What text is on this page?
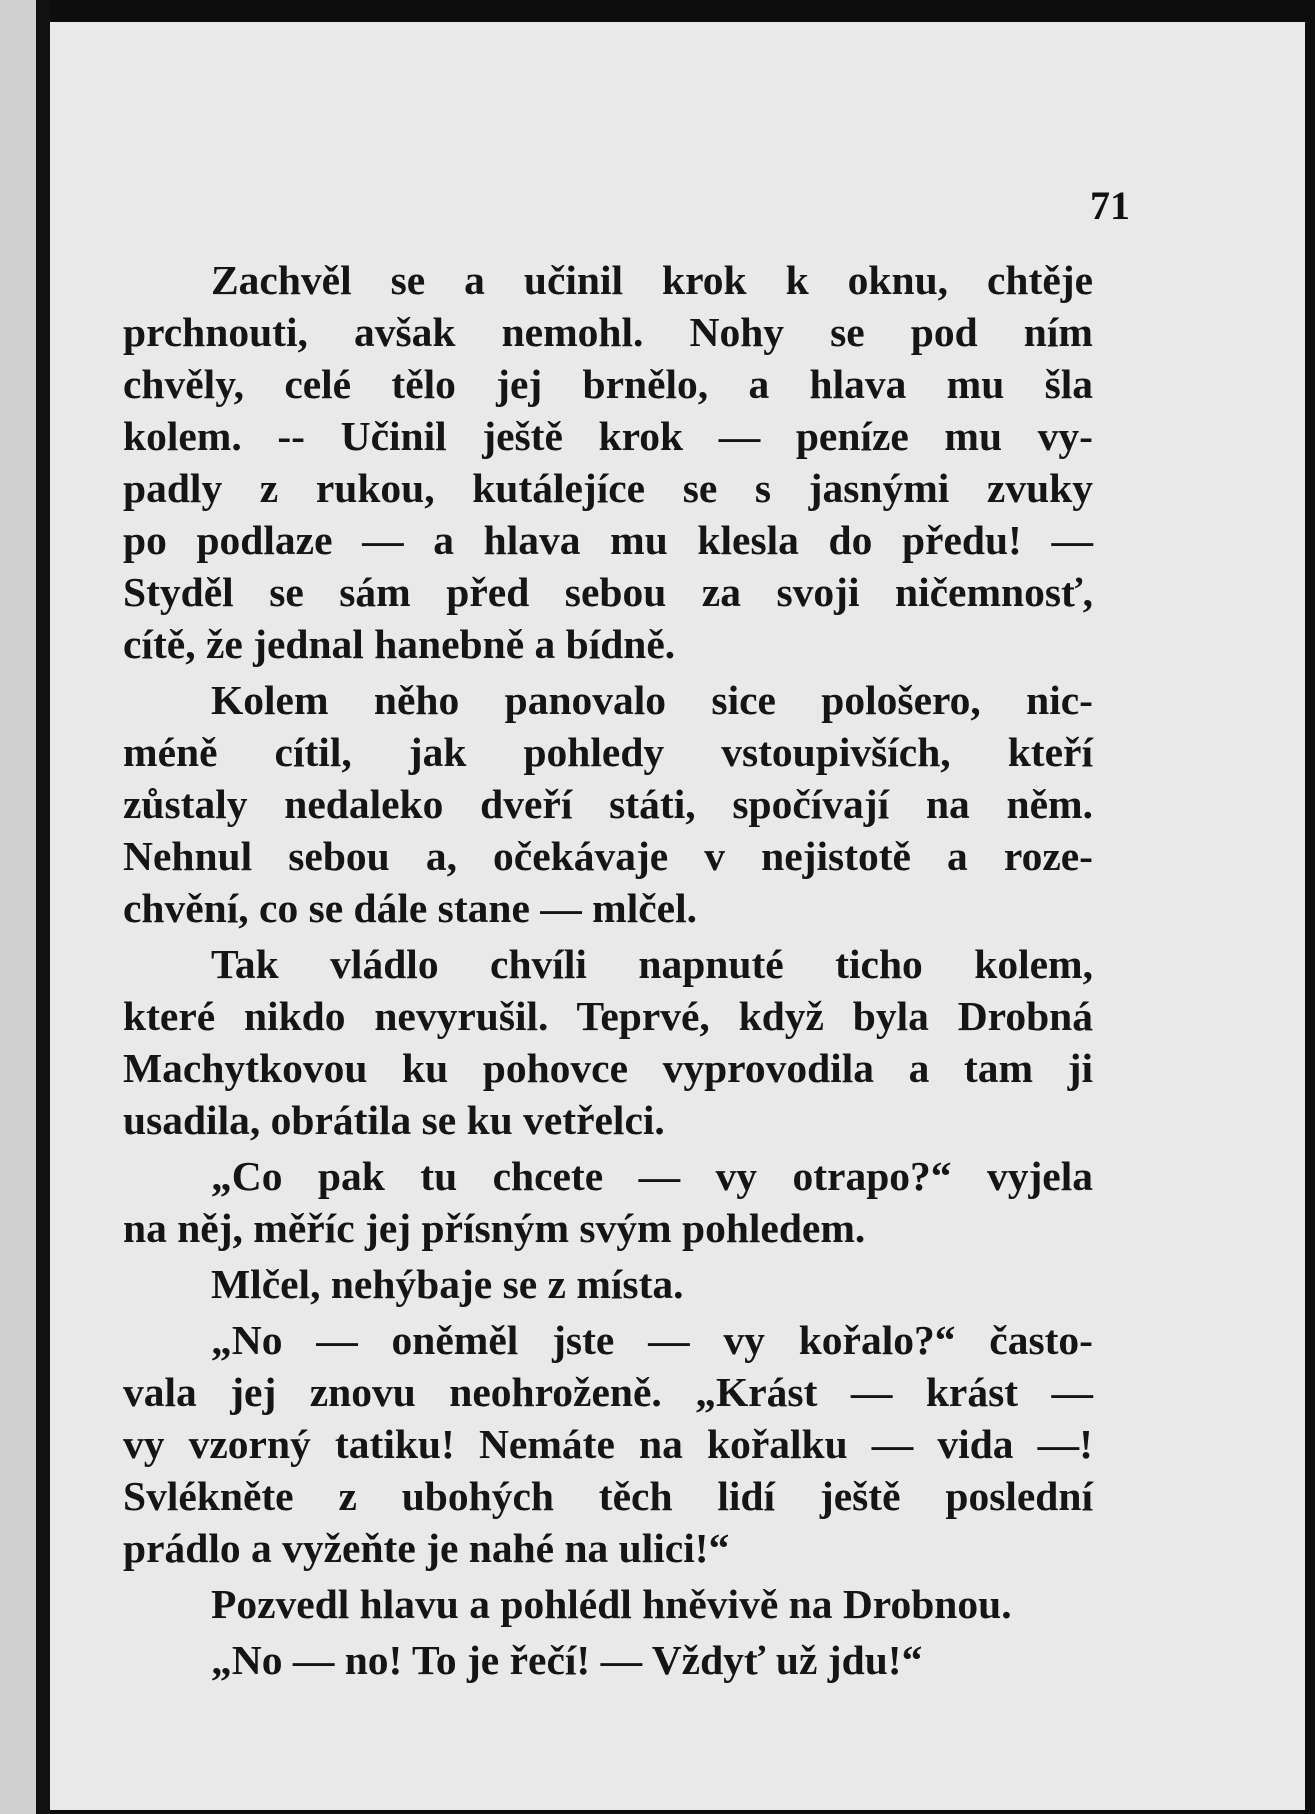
71
Zachvěl se a učinil krok k oknu, chtěje
prchnouti, avšak nemohl. Nohy se pod ním
chvěly, celé tělo jej brnělo, a hlava mu šla
kolem. -- Učinil ještě krok — peníze mu vy-
padly z rukou, kutálejíce se s jasnými zvuky
po podlaze — a hlava mu klesla do předu! —
Styděl se sám před sebou za svoji ničemnosť,
cítě, že jednal hanebně a bídně.
Kolem něho panovalo sice pološero, nic-
méně cítil, jak pohledy vstoupivších, kteří
zůstaly nedaleko dveří státi, spočívají na něm.
Nehnul sebou a, očekávaje v nejistotě a roze-
chvění, co se dále stane — mlčel.
Tak vládlo chvíli napnuté ticho kolem,
které nikdo nevyrušil. Teprvé, když byla Drobná
Machytkovou ku pohovce vyprovodila a tam ji
usadila, obrátila se ku vetřelci.
„Co pak tu chcete — vy otrapo?“ vyjela
na něj, měříc jej přísným svým pohledem.
Mlčel, nehýbaje se z místa.
„No — oněměl jste — vy kořalo?“ často-
vala jej znovu neohroženě. „Krást — krást —
vy vzorný tatiku! Nemáte na kořalku — vida —!
Svlékněte z ubohých těch lidí ještě poslední
prádlo a vyžeňte je nahé na ulici!“
Pozvedl hlavu a pohlédl hněvivě na Drobnou.
„No — no! To je řečí! — Vždyť už jdu!“
